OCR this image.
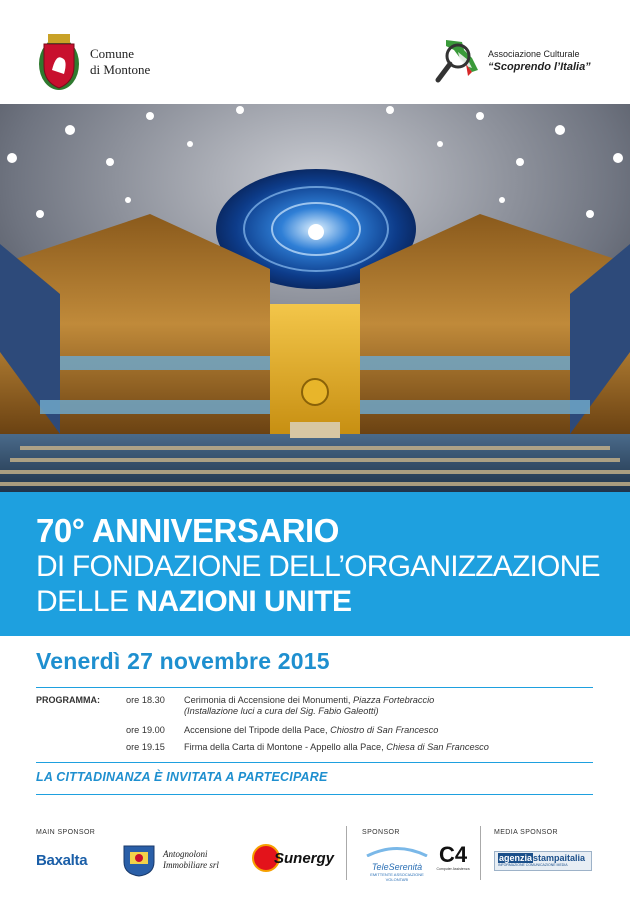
Comune
di Montone
Associazione Culturale
“Scoprendo l’Italia”
70° ANNIVERSARIO
DI FONDAZIONE DELL’ORGANIZZAZIONE
DELLE NAZIONI UNITE
Venerdì 27 novembre 2015
PROGRAMMA:	ore 18.30 Cerimonia di Accensione dei Monumenti, Piazza Fortebraccio
(Installazione luci a cura del Sig. Fabio Galeotti)
ore 19.00 Accensione del Tripode della Pace, Chiostro di San Francesco
ore 19.15 Firma della Carta di Montone - Appello alla Pace, Chiesa di San Francesco
LA CITTADINANZA È INVITATA A PARTECIPARE
MAIN SPONSOR	SPONSOR	MEDIA SPONSOR
Baxalta	Antognoloni
Immobiliare srl	Sunergy
TeleSerenità
EMITTENTE ASSOCIAZIONE VOLONTARI
C4
Computer Assistenza
agenziastampaitalia
INFORMAZIONE COMUNICAZIONE MEDIA
